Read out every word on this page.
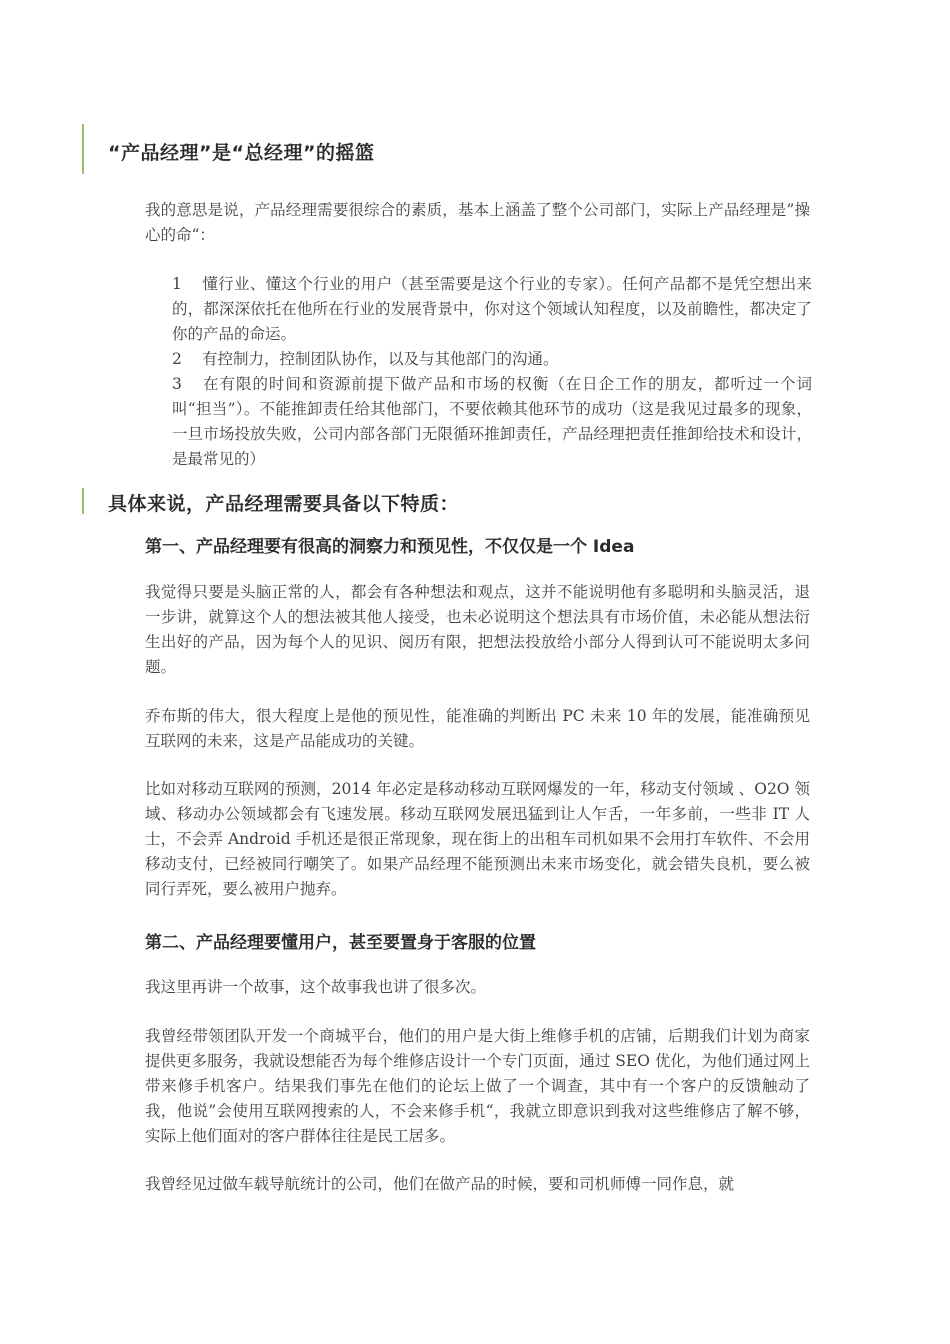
“产品经理”是“总经理”的摇篮
我的意思是说，产品经理需要很综合的素质，基本上涵盖了整个公司部门，实际上产品经理是”操心的命“：
1 懂行业、懂这个行业的用户（甚至需要是这个行业的专家）。任何产品都不是凭空想出来的，都深深依托在他所在行业的发展背景中，你对这个领域认知程度，以及前瞻性，都决定了你的产品的命运。
2 有控制力，控制团队协作，以及与其他部门的沟通。
3 在有限的时间和资源前提下做产品和市场的权衡（在日企工作的朋友，都听过一个词叫“担当”）。不能推卸责任给其他部门，不要依赖其他环节的成功（这是我见过最多的现象，一旦市场投放失败，公司内部各部门无限循环推卸责任，产品经理把责任推卸给技术和设计，是最常见的）
具体来说，产品经理需要具备以下特质：
第一、产品经理要有很高的洞察力和预见性，不仅仅是一个 Idea
我觉得只要是头脑正常的人，都会有各种想法和观点，这并不能说明他有多聪明和头脑灵活，退一步讲，就算这个人的想法被其他人接受，也未必说明这个想法具有市场价值，未必能从想法衍生出好的产品，因为每个人的见识、阅历有限，把想法投放给小部分人得到认可不能说明太多问题。
乔布斯的伟大，很大程度上是他的预见性，能准确的判断出 PC 未来 10 年的发展，能准确预见互联网的未来，这是产品能成功的关键。
比如对移动互联网的预测，2014 年必定是移动移动互联网爆发的一年，移动支付领域 、O2O 领域、移动办公领域都会有飞速发展。移动互联网发展迅猛到让人乍舌，一年多前，一些非 IT 人士，不会弄 Android 手机还是很正常现象，现在街上的出租车司机如果不会用打车软件、不会用移动支付，已经被同行嘲笑了。如果产品经理不能预测出未来市场变化，就会错失良机，要么被同行弄死，要么被用户抛弃。
第二、产品经理要懂用户，甚至要置身于客服的位置
我这里再讲一个故事，这个故事我也讲了很多次。
我曾经带领团队开发一个商城平台，他们的用户是大街上维修手机的店铺，后期我们计划为商家提供更多服务，我就设想能否为每个维修店设计一个专门页面，通过 SEO 优化，为他们通过网上带来修手机客户。结果我们事先在他们的论坛上做了一个调查，其中有一个客户的反馈触动了我，他说”会使用互联网搜索的人，不会来修手机“，我就立即意识到我对这些维修店了解不够，实际上他们面对的客户群体往往是民工居多。
我曾经见过做车载导航统计的公司，他们在做产品的时候，要和司机师傅一同作息，就
